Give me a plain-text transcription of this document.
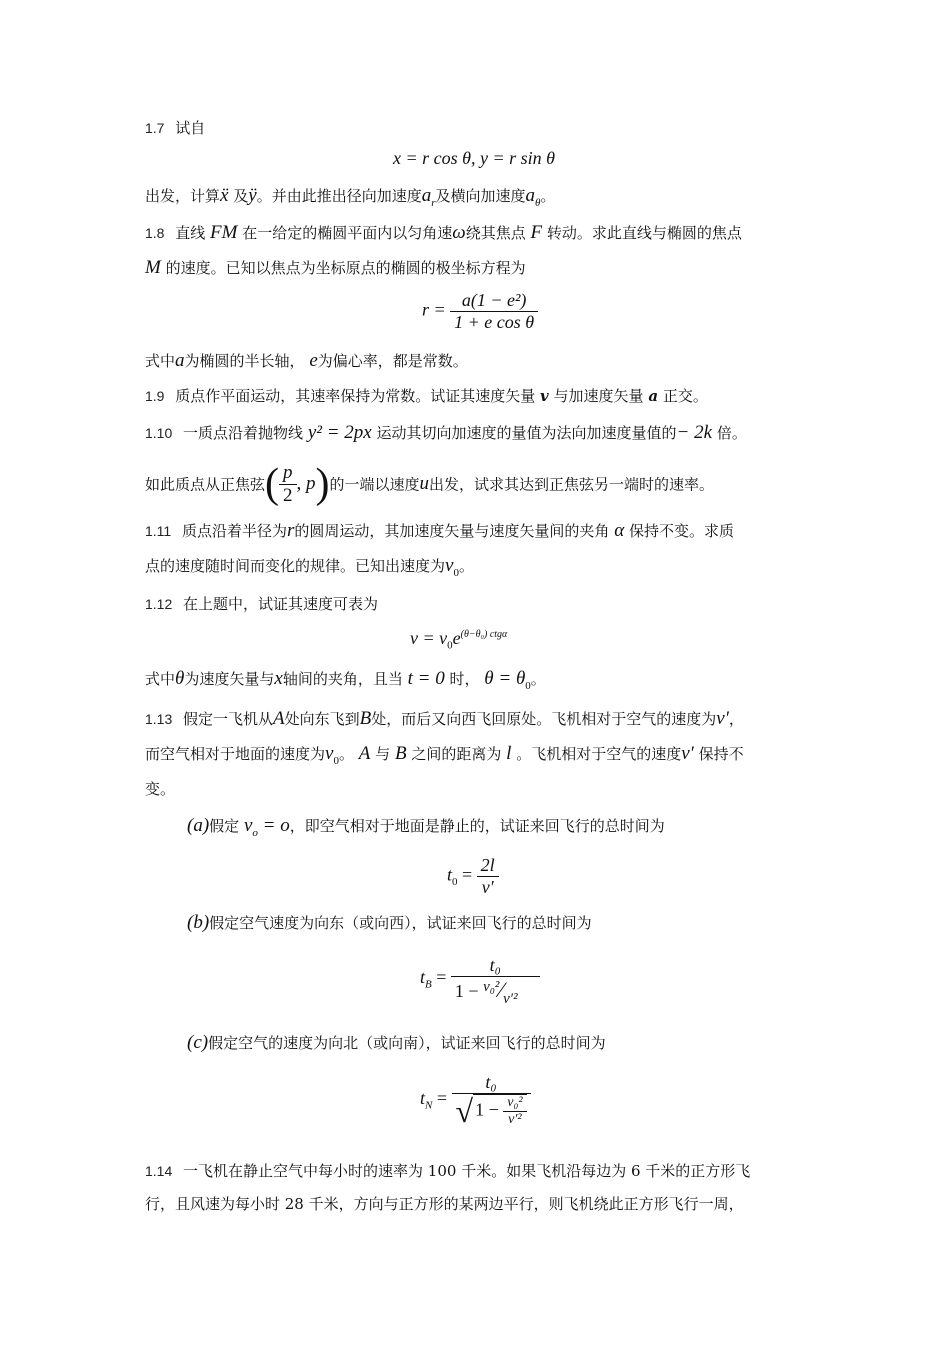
1.7 试自
x = r cos θ, y = r sin θ
出发，计算ẍ 及ÿ。并由此推出径向加速度$a_r$及横向加速度$a_\theta$。
1.8 直线 FM 在一给定的椭圆平面内以匀角速ω绕其焦点 F 转动。求此直线与椭圆的焦点
M 的速度。已知以焦点为坐标原点的椭圆的极坐标方程为
$r = \frac{\text{a(1 − e²)}}{\text{1 + e cos θ}}$
式中a为椭圆的半长轴， e为偏心率，都是常数。
1.9 质点作平面运动，其速率保持为常数。试证其速度矢量 v 与加速度矢量 a 正交。
1.10 一质点沿着抛物线 y² = 2px 运动其切向加速度的量值为法向加速度量值的− 2k 倍。
如此质点从正焦弦( $\frac{p}{2}$ , p)的一端以速度u出发，试求其达到正焦弦另一端时的速率。
1.11 质点沿着半径为r的圆周运动，其加速度矢量与速度矢量间的夹角 α 保持不变。求质
点的速度随时间而变化的规律。已知出速度为$v_0$。
1.12 在上题中，试证其速度可表为
$v = v_0e^{(\theta-\theta_0) ctg\alpha}$
式中θ为速度矢量与x轴间的夹角，且当 t = 0 时， $\theta = \theta_0$。
1.13 假定一飞机从A处向东飞到B处，而后又向西飞回原处。飞机相对于空气的速度为v′，
而空气相对于地面的速度为$v_0$。 A 与 B 之间的距离为 l 。飞机相对于空气的速度v′ 保持不
变。
(a)假定 $v_o = o$，即空气相对于地面是静止的，试证来回飞行的总时间为
$t_0 = \frac{2l}{v'}$
(b)假定空气速度为向东（或向西），试证来回飞行的总时间为
$t_B = \frac{\text{t₀}}{1 - ^{v_0^2}⁄_{v'^2}}$
(c)假定空气的速度为向北（或向南），试证来回飞行的总时间为
$t_N$ =
t₀
√ $1 - \frac{\text{v₀²}}{\text{v′²}}$
1.14 一飞机在静止空气中每小时的速率为 100 千米。如果飞机沿每边为 6 千米的正方形飞
行，且风速为每小时 28 千米，方向与正方形的某两边平行，则飞机绕此正方形飞行一周，
